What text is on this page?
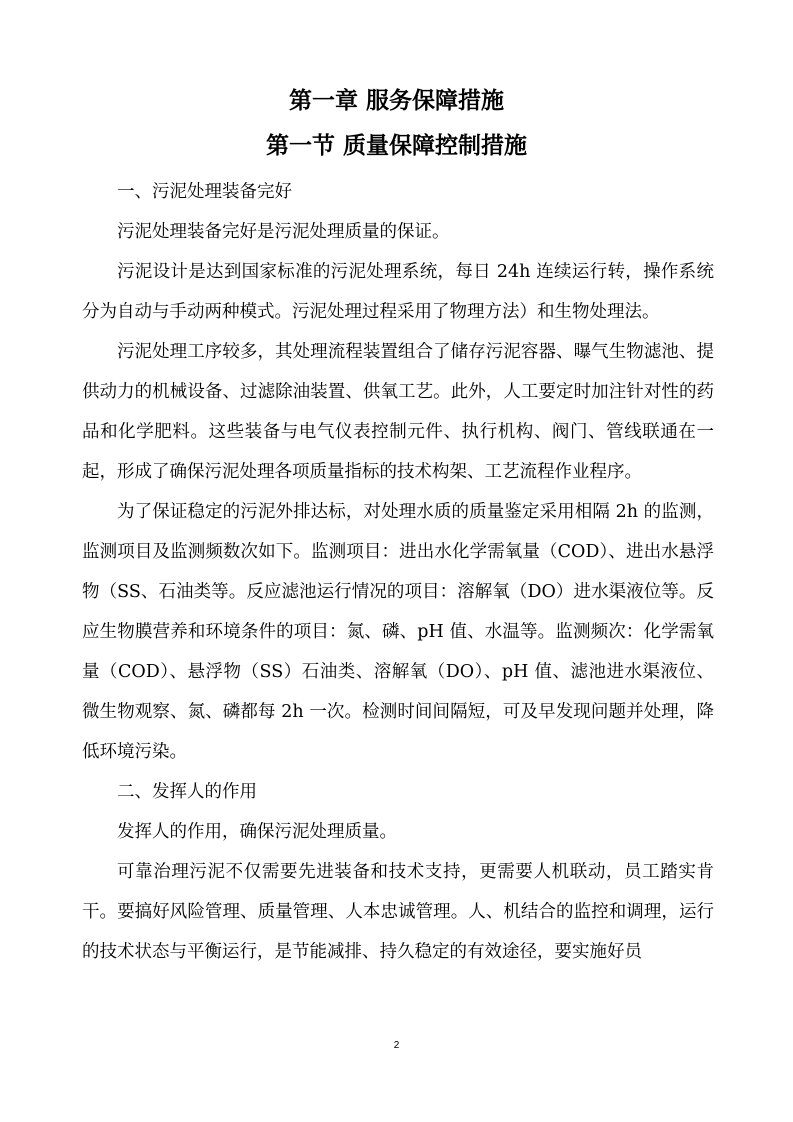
第一章 服务保障措施
第一节 质量保障控制措施

一、污泥处理装备完好

污泥处理装备完好是污泥处理质量的保证。

污泥设计是达到国家标准的污泥处理系统，每日 24h 连续运行转，操作系统分为自动与手动两种模式。污泥处理过程采用了物理方法）和生物处理法。

污泥处理工序较多，其处理流程装置组合了储存污泥容器、曝气生物滤池、提供动力的机械设备、过滤除油装置、供氧工艺。此外，人工要定时加注针对性的药品和化学肥料。这些装备与电气仪表控制元件、执行机构、阀门、管线联通在一起，形成了确保污泥处理各项质量指标的技术构架、工艺流程作业程序。

为了保证稳定的污泥外排达标，对处理水质的质量鉴定采用相隔 2h 的监测，监测项目及监测频数次如下。监测项目：进出水化学需氧量（COD）、进出水悬浮物（SS、石油类等。反应滤池运行情况的项目：溶解氧（DO）进水渠液位等。反应生物膜营养和环境条件的项目：氮、磷、pH 值、水温等。监测频次：化学需氧量（COD）、悬浮物（SS）石油类、溶解氧（DO）、pH 值、滤池进水渠液位、微生物观察、氮、磷都每 2h 一次。检测时间间隔短，可及早发现问题并处理，降低环境污染。

二、发挥人的作用

发挥人的作用，确保污泥处理质量。

可靠治理污泥不仅需要先进装备和技术支持，更需要人机联动，员工踏实肯干。要搞好风险管理、质量管理、人本忠诚管理。人、机结合的监控和调理，运行的技术状态与平衡运行，是节能减排、持久稳定的有效途径，要实施好员

2
